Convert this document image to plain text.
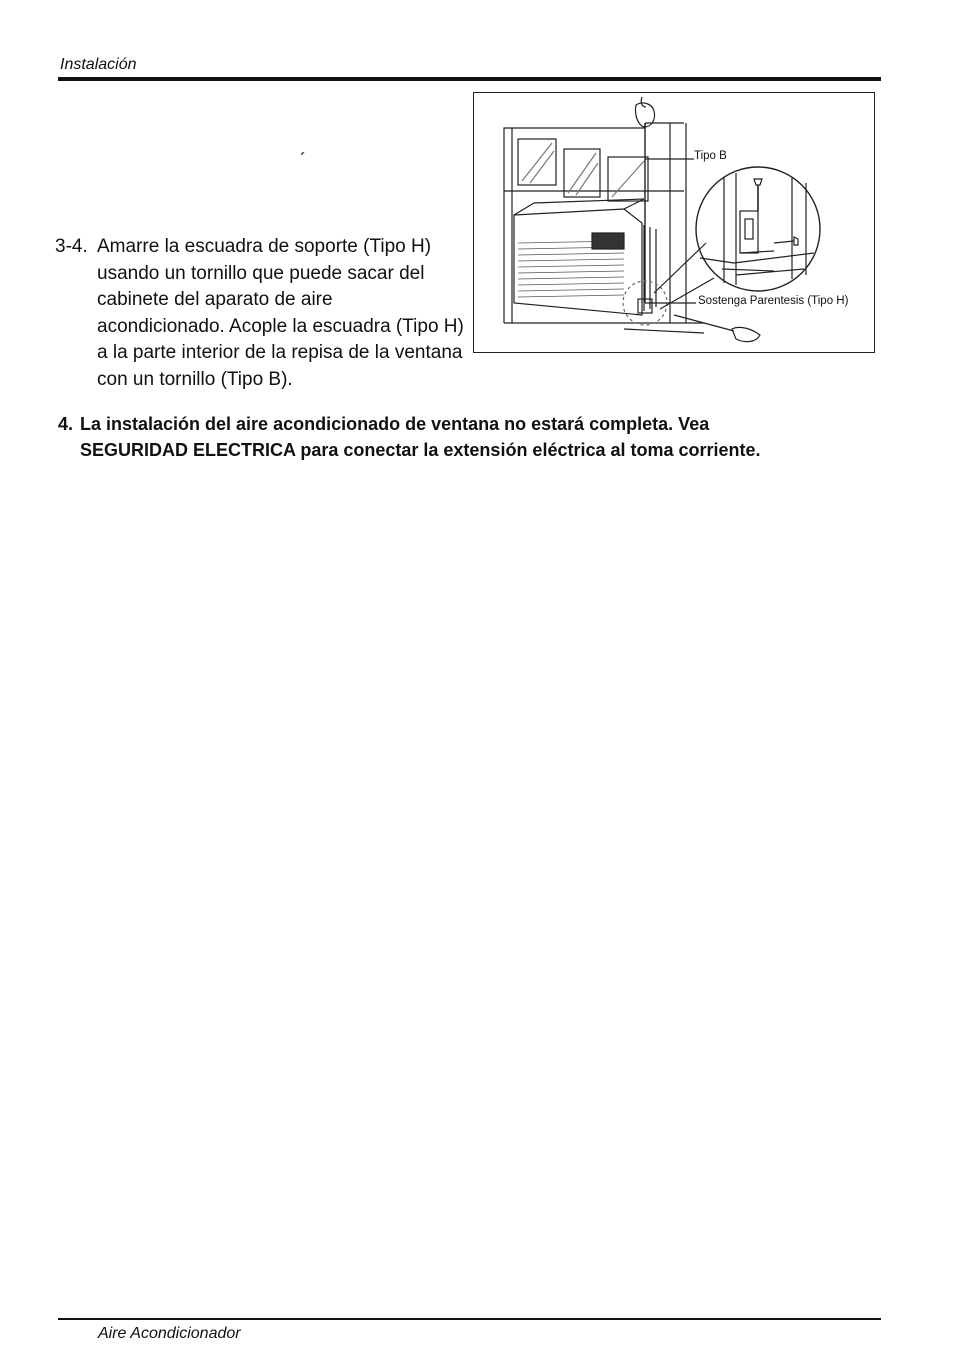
Instalación
´
3-4. Amarre la escuadra de soporte (Tipo H) usando un tornillo que puede sacar del cabinete del aparato de aire acondicionado. Acople la escuadra (Tipo H) a la parte interior de la repisa de la ventana con un tornillo (Tipo B).
Tipo B
Sostenga Parentesis (Tipo H)
4. La instalación del aire acondicionado de ventana no estará completa. Vea
SEGURIDAD ELECTRICA para conectar la extensión eléctrica al toma corriente.
Aire Acondicionador
